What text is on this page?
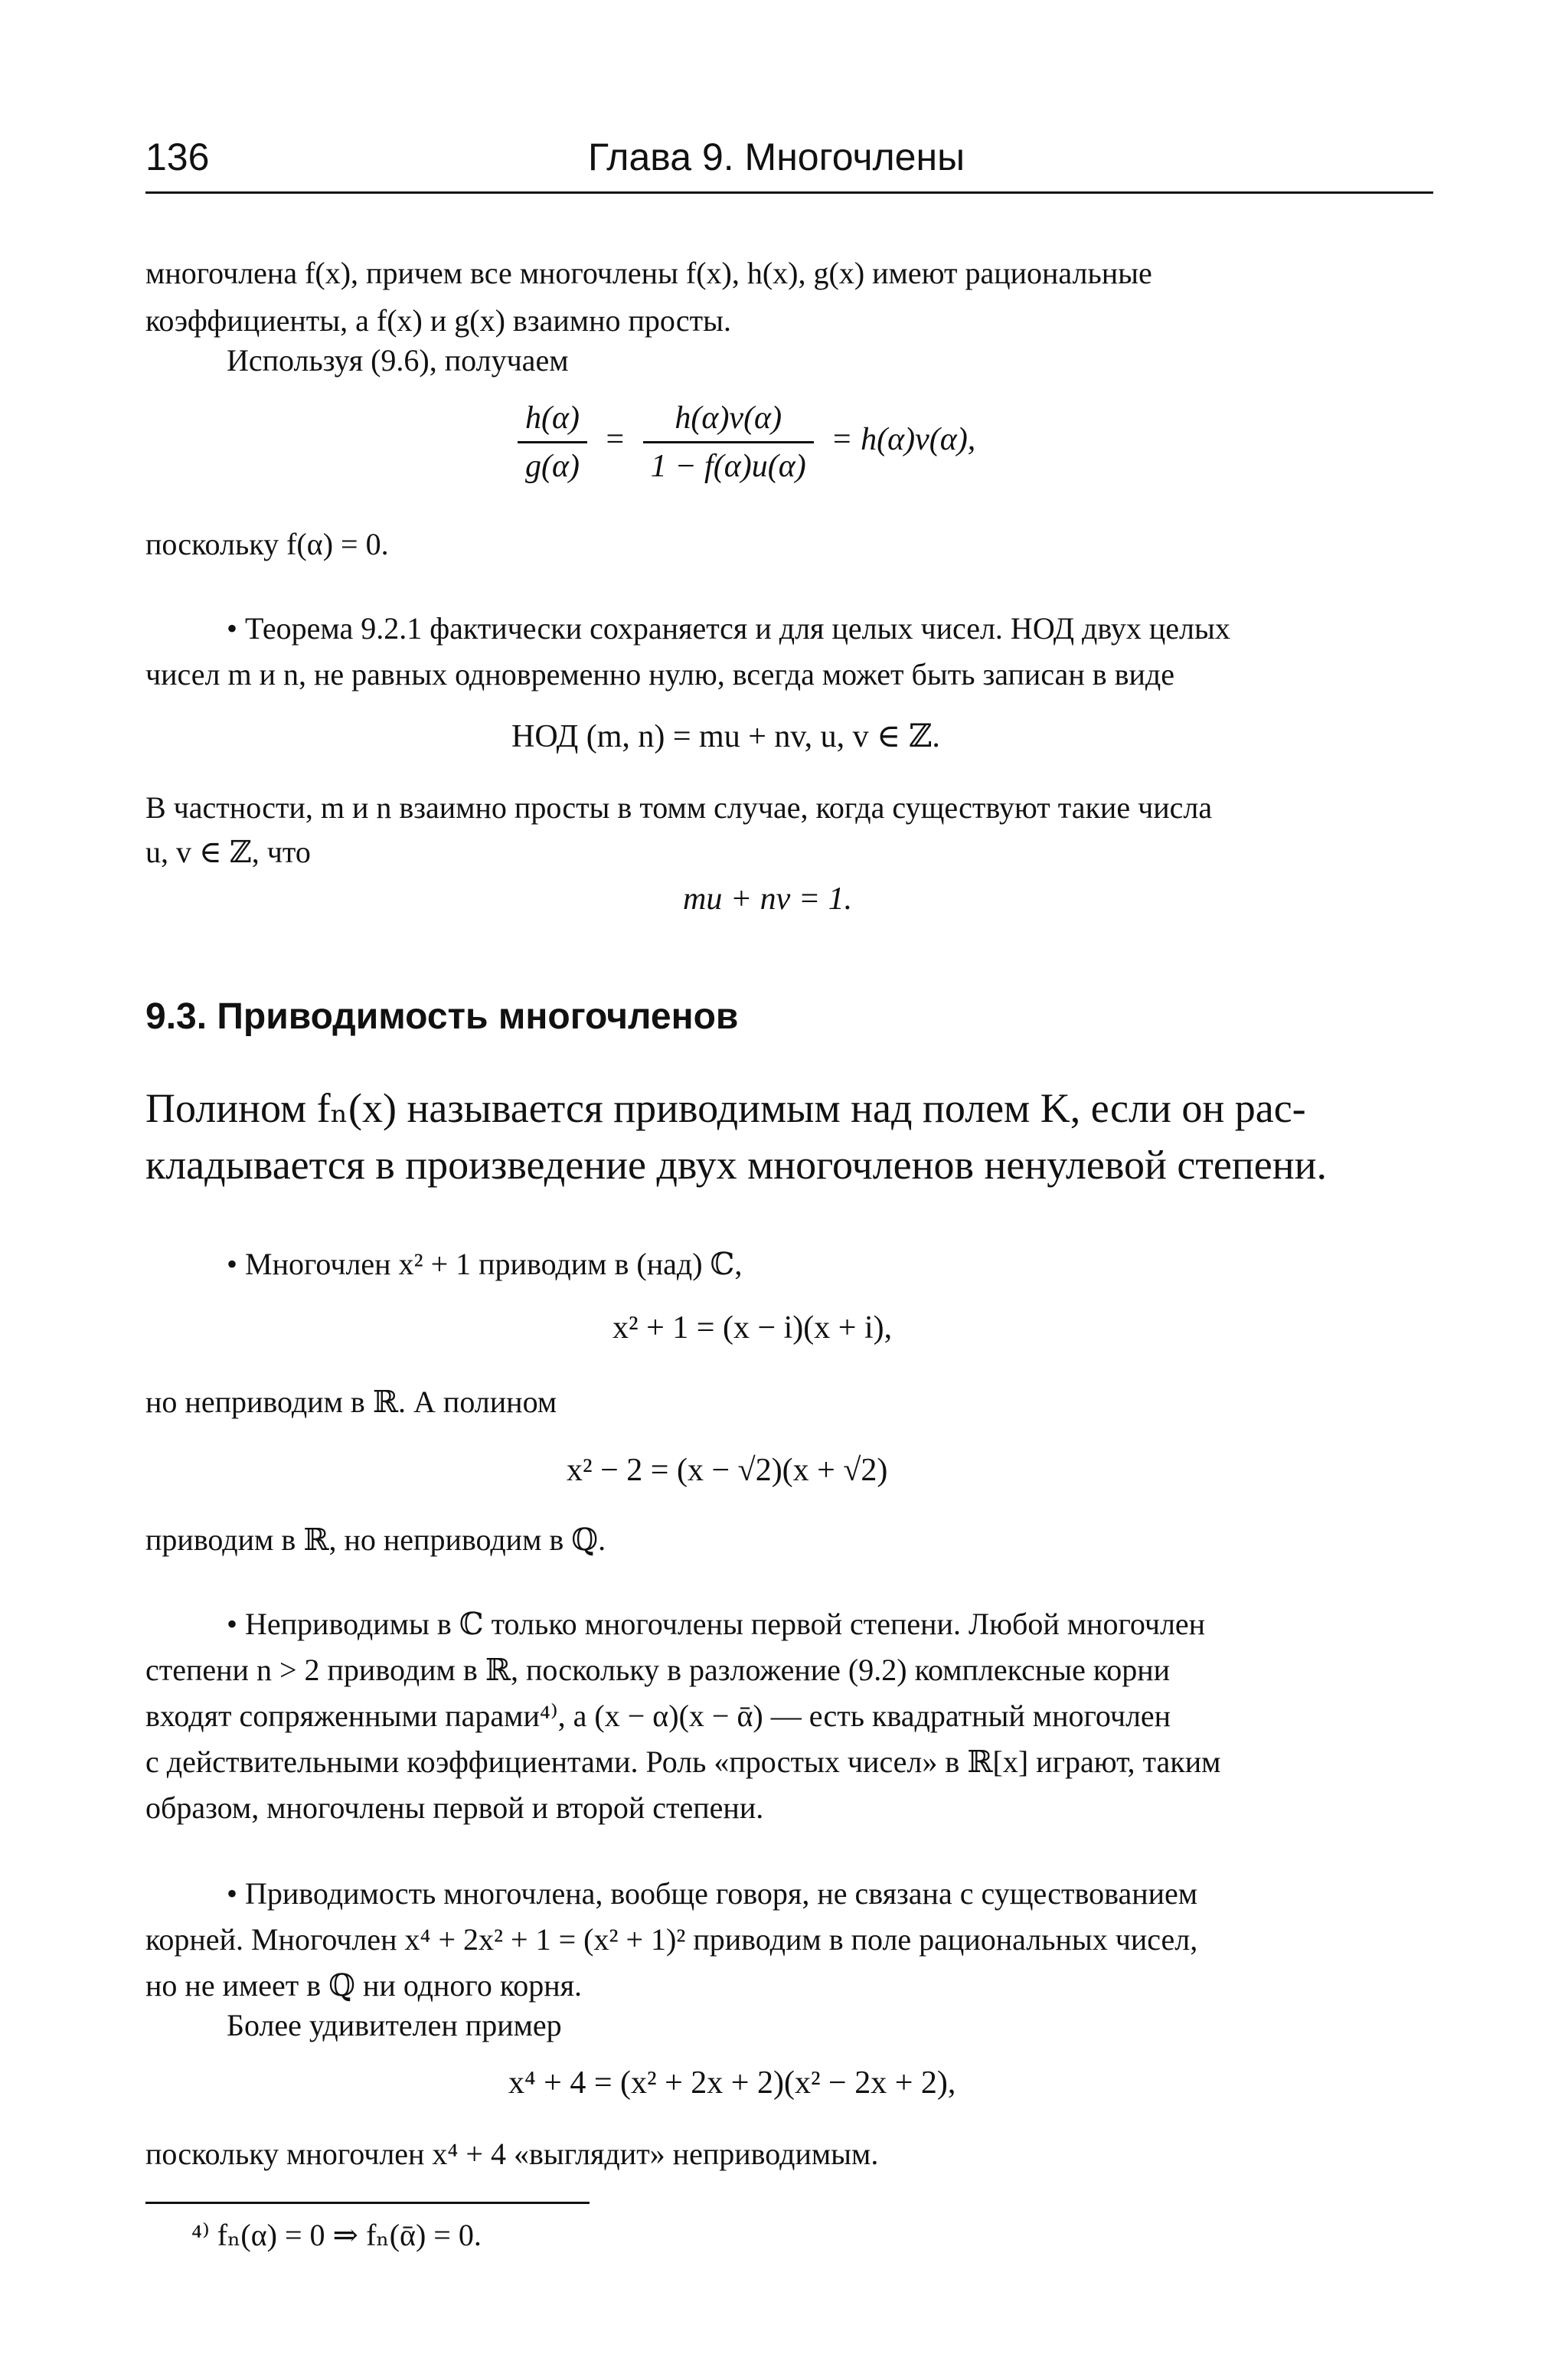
136	Глава 9. Многочлены
многочлена f(x), причем все многочлены f(x), h(x), g(x) имеют рациональные
коэффициенты, а f(x) и g(x) взаимно просты.
Используя (9.6), получаем
$\frac{h(\alpha)}{g(\alpha)} = \frac{h(\alpha)v(\alpha)}{1 - f(\alpha)u(\alpha)} = h(\alpha)v(\alpha)$,
поскольку f(α) = 0.
• Теорема 9.2.1 фактически сохраняется и для целых чисел. НОД двух целых
чисел m и n, не равных одновременно нулю, всегда может быть записан в виде
НОД (m, n) = mu + nv, u, v ∈ ℤ.
В частности, m и n взаимно просты в томм случае, когда существуют такие числа
u, v ∈ ℤ, что
mu + nv = 1.
9.3. Приводимость многочленов
Полином fₙ(x) называется приводимым над полем K, если он рас-
кладывается в произведение двух многочленов ненулевой степени.
• Многочлен x² + 1 приводим в (над) ℂ,
x² + 1 = (x − i)(x + i),
но неприводим в ℝ. А полином
x² − 2 = (x − √2)(x + √2)
приводим в ℝ, но неприводим в ℚ.
• Неприводимы в ℂ только многочлены первой степени. Любой многочлен
степени n > 2 приводим в ℝ, поскольку в разложение (9.2) комплексные корни
входят сопряженными парами⁴⁾, а (x − α)(x − ᾱ) — есть квадратный многочлен
с действительными коэффициентами. Роль «простых чисел» в ℝ[x] играют, таким
образом, многочлены первой и второй степени.
• Приводимость многочлена, вообще говоря, не связана с существованием
корней. Многочлен x⁴ + 2x² + 1 = (x² + 1)² приводим в поле рациональных чисел,
но не имеет в ℚ ни одного корня.
Более удивителен пример
x⁴ + 4 = (x² + 2x + 2)(x² − 2x + 2),
поскольку многочлен x⁴ + 4 «выглядит» неприводимым.
⁴⁾ fₙ(α) = 0 ⇒ fₙ(ᾱ) = 0.
